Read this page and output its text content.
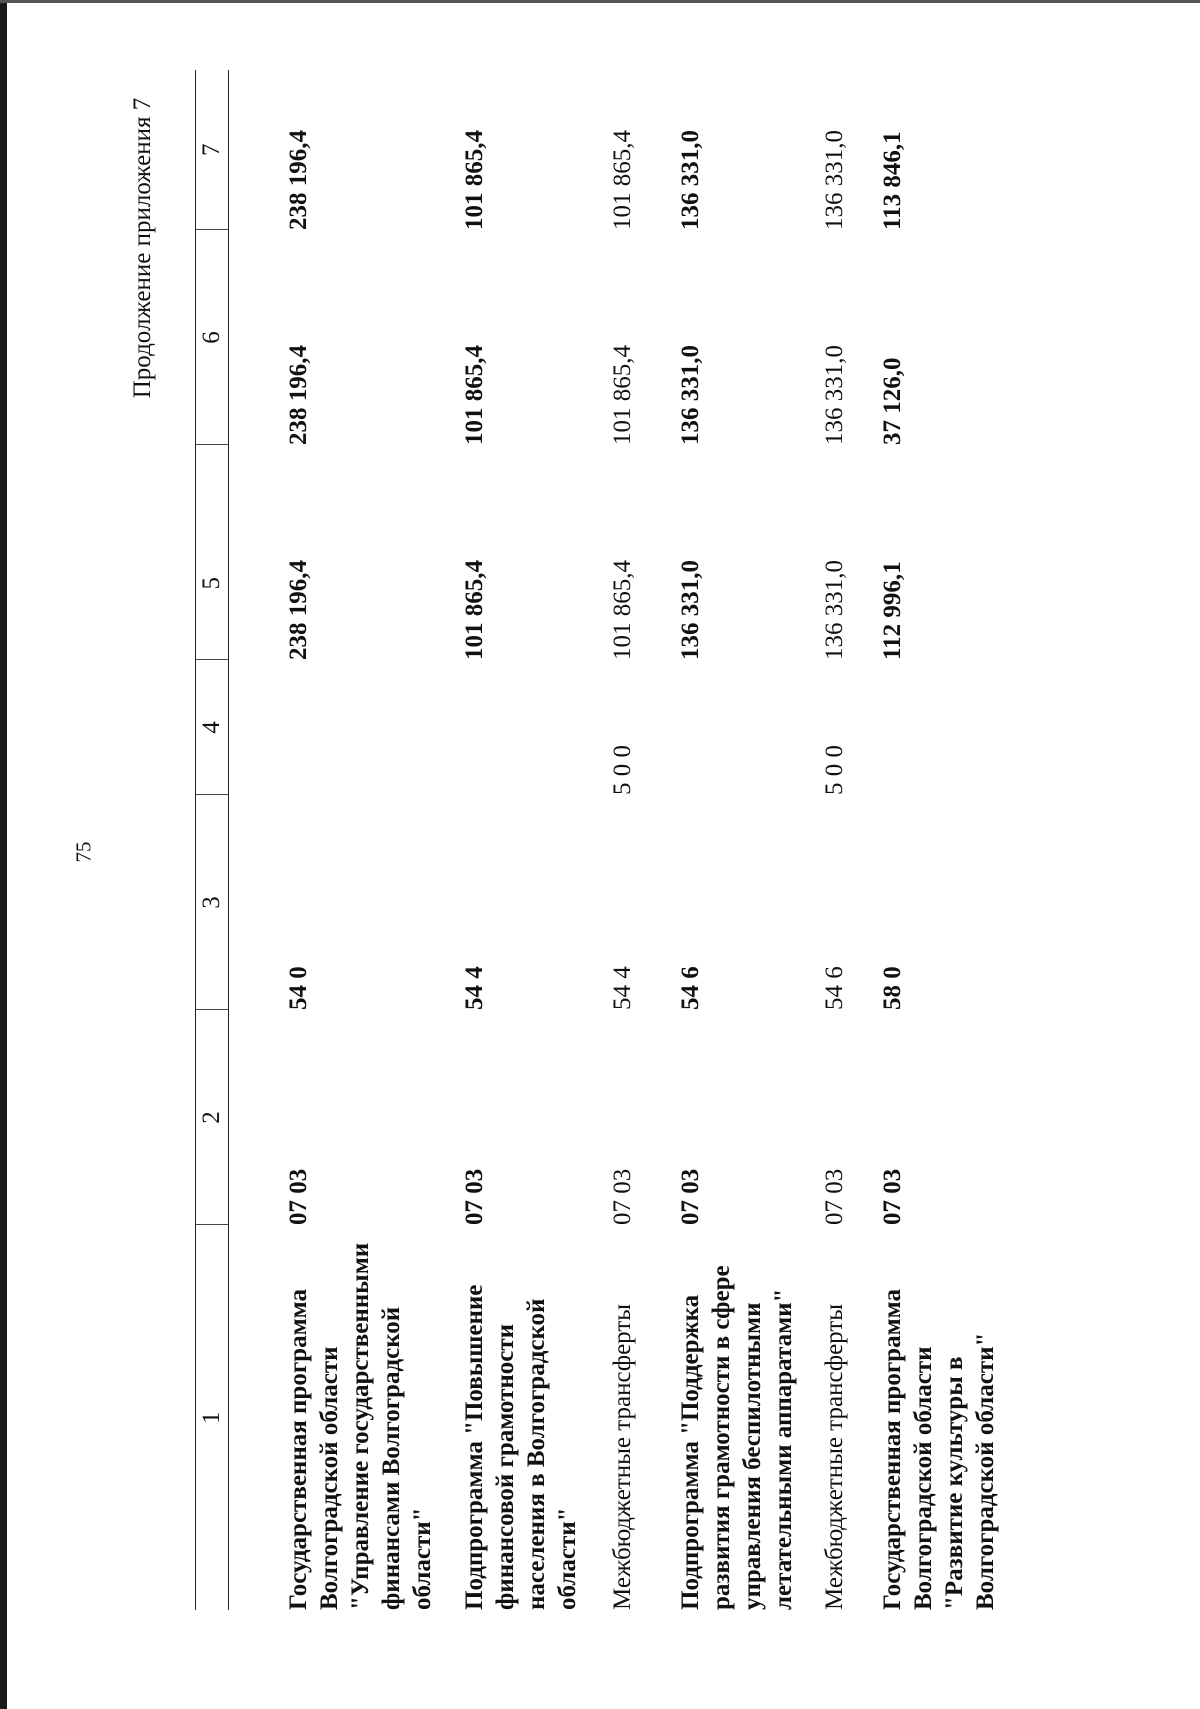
75
Продолжение приложения 7
1	2	3	4	5	6	7

Государственная программа Волгоградской области "Управление государственными финансами Волгоградской области"	07 03	54 0		238 196,4	238 196,4	238 196,4
Подпрограмма "Повышение финансовой грамотности населения в Волгоградской области"	07 03	54 4		101 865,4	101 865,4	101 865,4
Межбюджетные трансферты	07 03	54 4	5 0 0	101 865,4	101 865,4	101 865,4
Подпрограмма "Поддержка развития грамотности в сфере управления беспилотными летательными аппаратами"	07 03	54 6		136 331,0	136 331,0	136 331,0
Межбюджетные трансферты	07 03	54 6	5 0 0	136 331,0	136 331,0	136 331,0
Государственная программа Волгоградской области "Развитие культуры в Волгоградской области"	07 03	58 0		112 996,1	37 126,0	113 846,1
